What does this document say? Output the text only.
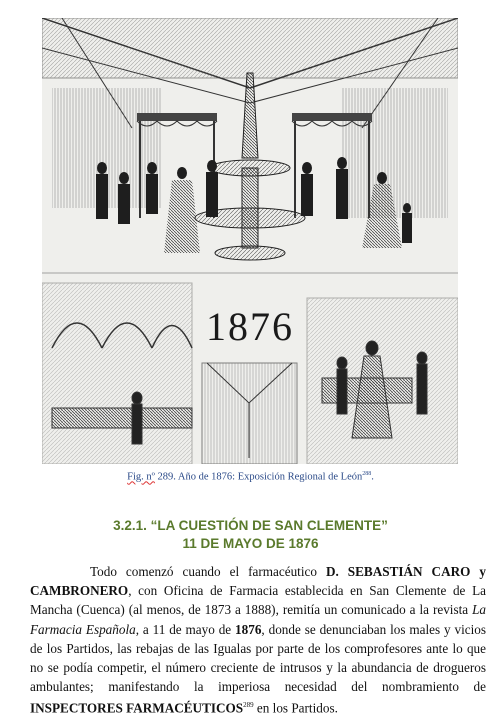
1876
Fig. nº 289. Año de 1876: Exposición Regional de León$^{288}$.
3.2.1. “LA CUESTIÓN DE SAN CLEMENTE”
11 DE MAYO DE 1876

Todo comenzó cuando el farmacéutico D. SEBASTIÁN CARO y CAMBRONERO, con Oficina de Farmacia establecida en San Clemente de La Mancha (Cuenca) (al menos, de 1873 a 1888), remitía un comunicado a la revista La Farmacia Española, a 11 de mayo de 1876, donde se denunciaban los males y vicios de los Partidos, las rebajas de las Igualas por parte de los comprofesores ante lo que no se podía competir, el número creciente de intrusos y la abundancia de drogueros ambulantes; manifestando la imperiosa necesidad del nombramiento de INSPECTORES FARMACÉUTICOS$^{289}$ en los Partidos.
